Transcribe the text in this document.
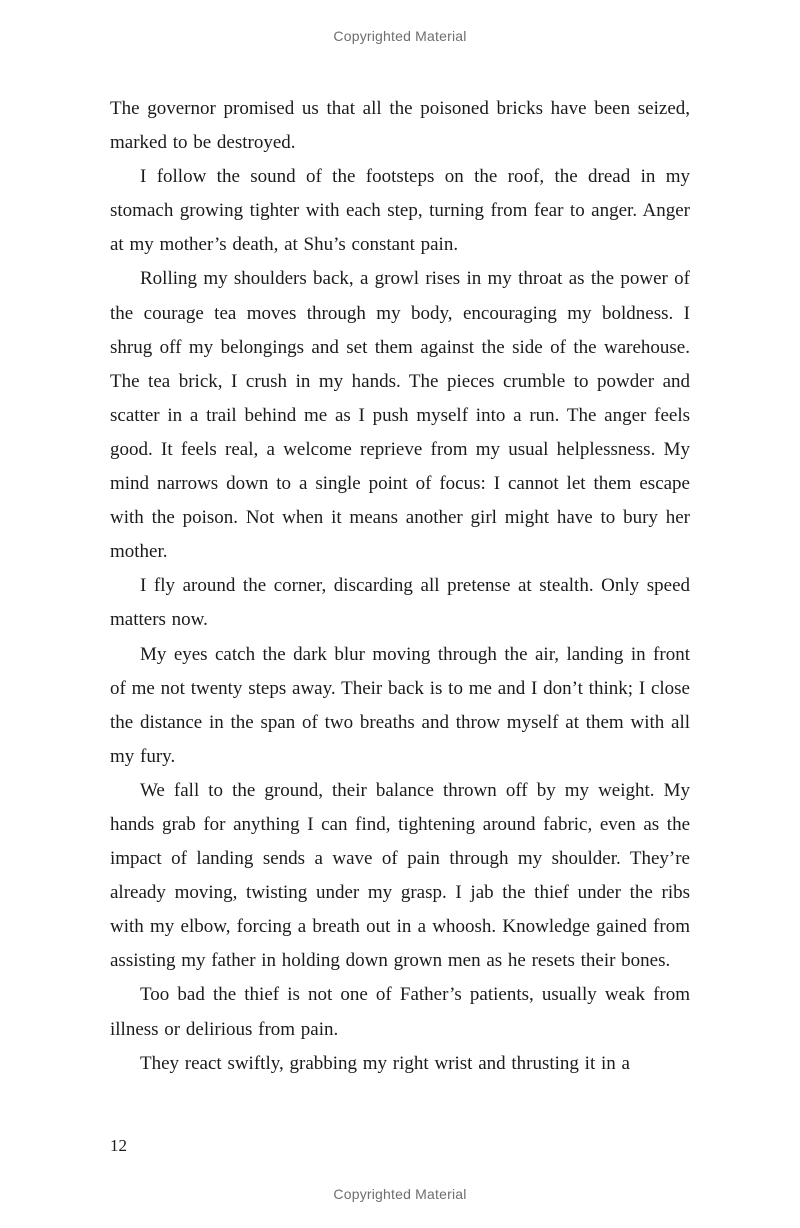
Copyrighted Material

The governor promised us that all the poisoned bricks have been seized, marked to be destroyed.

I follow the sound of the footsteps on the roof, the dread in my stomach growing tighter with each step, turning from fear to anger. Anger at my mother’s death, at Shu’s constant pain.

Rolling my shoulders back, a growl rises in my throat as the power of the courage tea moves through my body, encouraging my boldness. I shrug off my belongings and set them against the side of the warehouse. The tea brick, I crush in my hands. The pieces crumble to powder and scatter in a trail behind me as I push myself into a run. The anger feels good. It feels real, a welcome reprieve from my usual helplessness. My mind narrows down to a single point of focus: I cannot let them escape with the poison. Not when it means another girl might have to bury her mother.

I fly around the corner, discarding all pretense at stealth. Only speed matters now.

My eyes catch the dark blur moving through the air, landing in front of me not twenty steps away. Their back is to me and I don’t think; I close the distance in the span of two breaths and throw myself at them with all my fury.

We fall to the ground, their balance thrown off by my weight. My hands grab for anything I can find, tightening around fabric, even as the impact of landing sends a wave of pain through my shoulder. They’re already moving, twisting under my grasp. I jab the thief under the ribs with my elbow, forcing a breath out in a whoosh. Knowledge gained from assisting my father in holding down grown men as he resets their bones.

Too bad the thief is not one of Father’s patients, usually weak from illness or delirious from pain.

They react swiftly, grabbing my right wrist and thrusting it in a

12
Copyrighted Material
